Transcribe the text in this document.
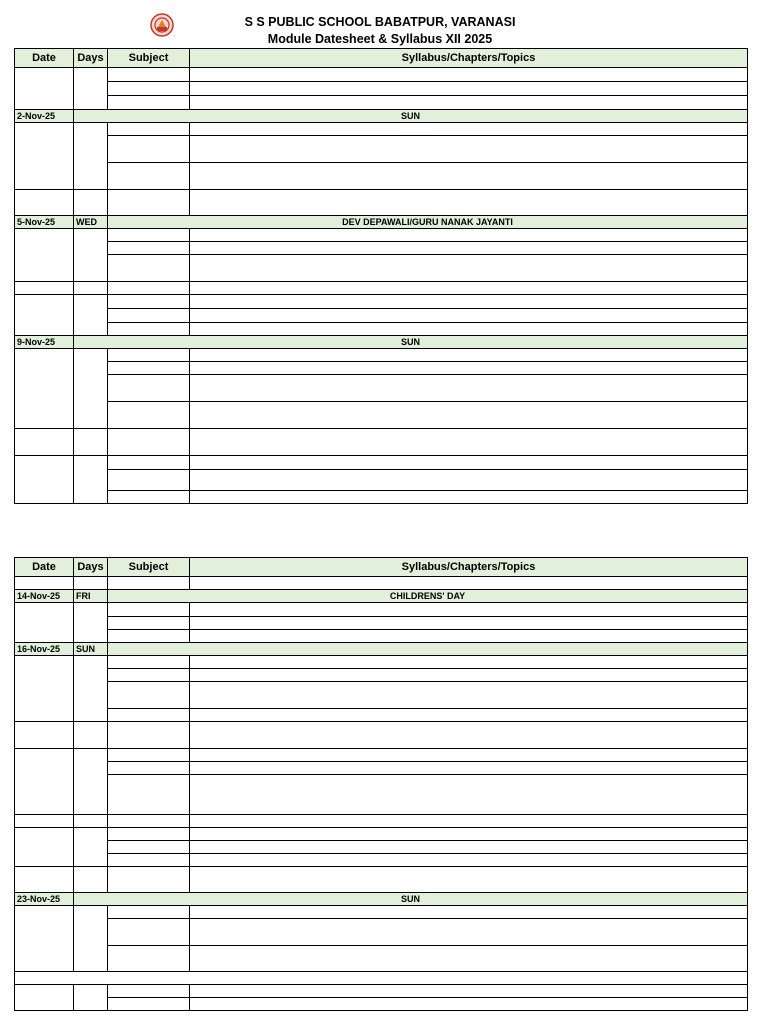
S S PUBLIC SCHOOL BABATPUR, VARANASI
Module Datesheet & Syllabus XII 2025
Date	Days	Subject	Syllabus/Chapters/Topics

2-Nov-25	SUN		

5-Nov-25	WED	DEV DEPAWALI/GURU NANAK JAYANTI	

9-Nov-25	SUN		

Date	Days	Subject	Syllabus/Chapters/Topics

14-Nov-25	FRI	CHILDRENS' DAY	

16-Nov-25	SUN		

23-Nov-25	SUN		
